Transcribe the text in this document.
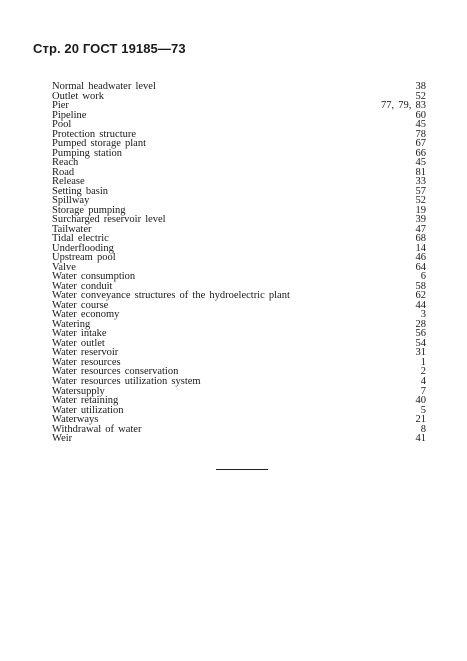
Стр. 20 ГОСТ 19185—73
Normal headwater level	38
Outlet work	52
Pier	77, 79, 83
Pipeline	60
Pool	45
Protection structure	78
Pumped storage plant	67
Pumping station	66
Reach	45
Road	81
Release	33
Setting basin	57
Spillway	52
Storage pumping	19
Surcharged reservoir level	39
Tailwater	47
Tidal electric	68
Underflooding	14
Upstream pool	46
Valve	64
Water consumption	6
Water conduit	58
Water conveyance structures of the hydroelectric plant	62
Water course	44
Water economy	3
Watering	28
Water intake	56
Water outlet	54
Water reservoir	31
Water resources	1
Water resources conservation	2
Water resources utilization system	4
Watersupply	7
Water retaining	40
Water utilization	5
Waterways	21
Withdrawal of water	8
Weir	41
